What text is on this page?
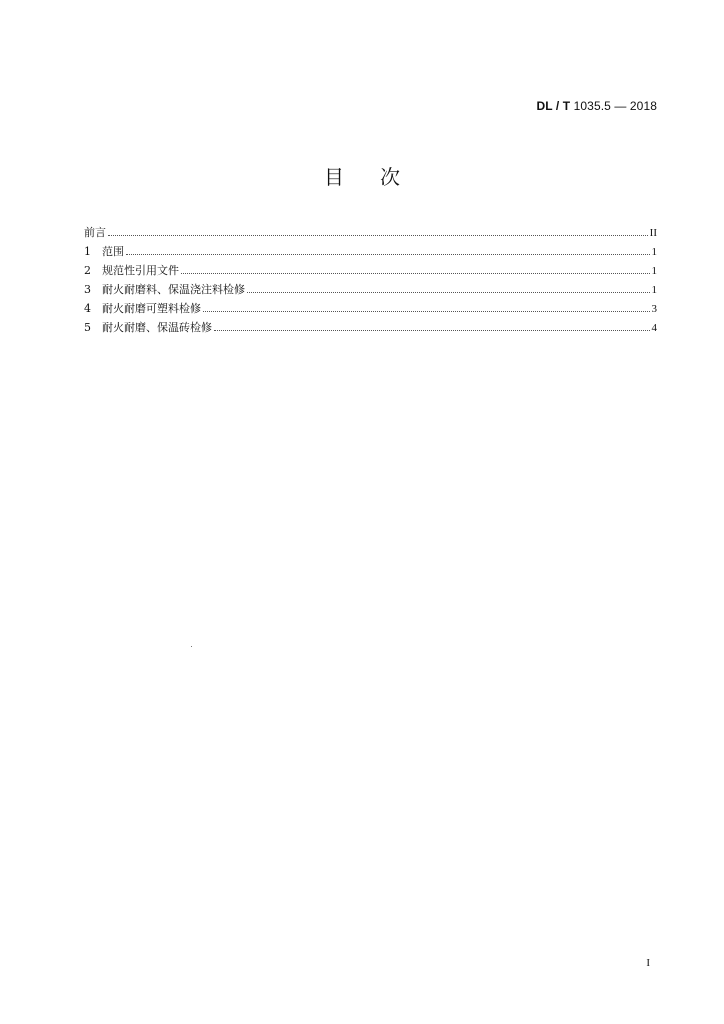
DL / T 1035.5 — 2018
目次
前言	II
1	范围	1
2	规范性引用文件	1
3	耐火耐磨料、保温浇注料检修	1
4	耐火耐磨可塑料检修	3
5	耐火耐磨、保温砖检修	4
I
